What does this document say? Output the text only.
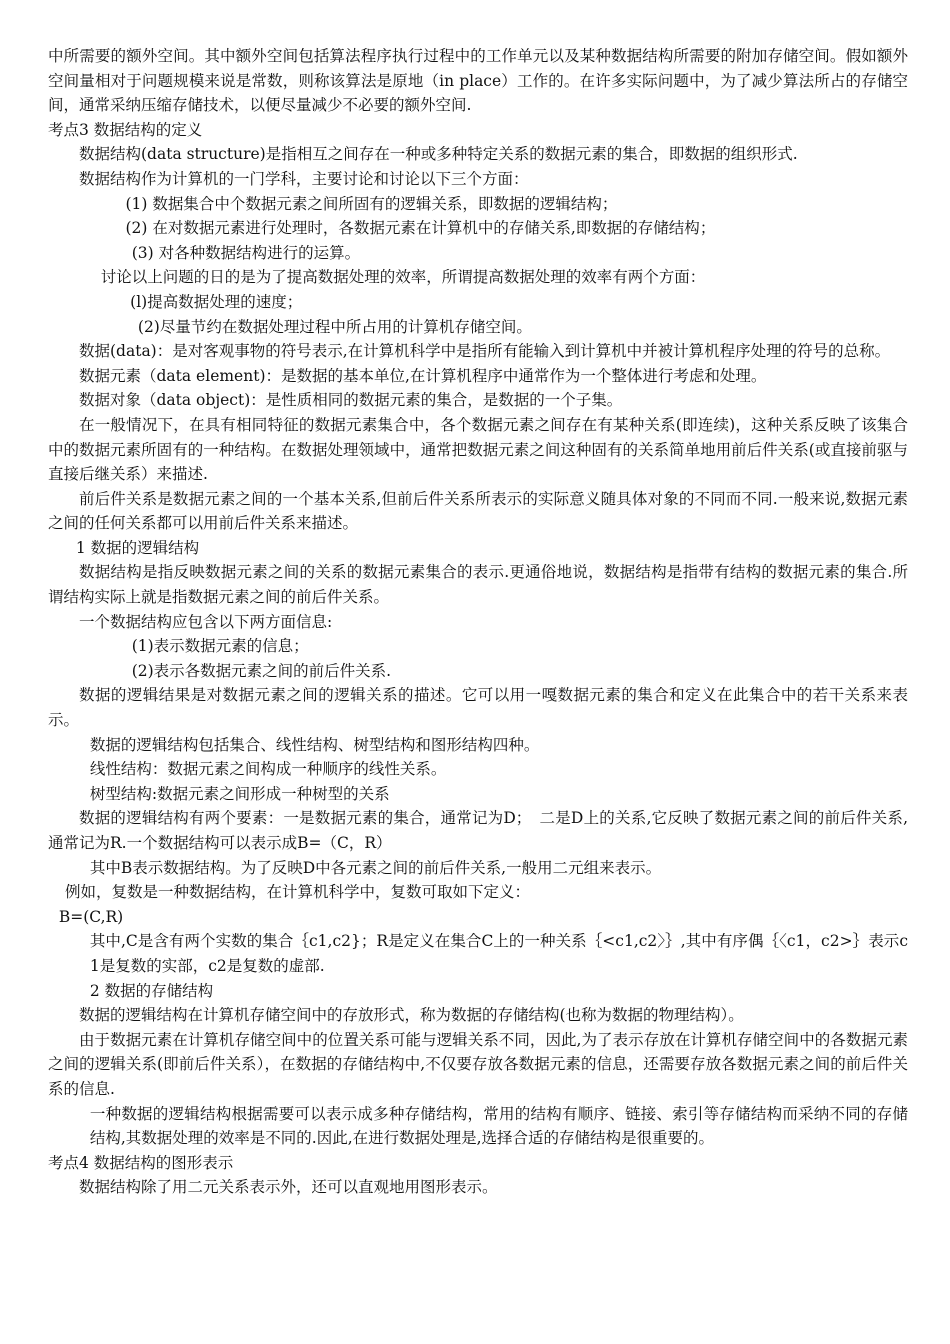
中所需要的额外空间。其中额外空间包括算法程序执行过程中的工作单元以及某种数据结构所需要的附加存储空间。假如额外空间量相对于问题规模来说是常数，则称该算法是原地（in place）工作的。在许多实际问题中，为了减少算法所占的存储空间，通常采纳压缩存储技术，以便尽量减少不必要的额外空间.

考点3 数据结构的定义

数据结构(data structure)是指相互之间存在一种或多种特定关系的数据元素的集合，即数据的组织形式.

数据结构作为计算机的一门学科，主要讨论和讨论以下三个方面：

(1) 数据集合中个数据元素之间所固有的逻辑关系，即数据的逻辑结构；

(2) 在对数据元素进行处理时，各数据元素在计算机中的存储关系,即数据的存储结构；

(3) 对各种数据结构进行的运算。

讨论以上问题的日的是为了提高数据处理的效率，所谓提高数据处理的效率有两个方面：

(l)提高数据处理的速度；

(2)尽量节约在数据处理过程中所占用的计算机存储空间。

数据(data)：是对客观事物的符号表示,在计算机科学中是指所有能输入到计算机中并被计算机程序处理的符号的总称。

数据元素（data element)：是数据的基本单位,在计算机程序中通常作为一个整体进行考虑和处理。

数据对象（data object)：是性质相同的数据元素的集合，是数据的一个子集。

在一般情况下，在具有相同特征的数据元素集合中，各个数据元素之间存在有某种关系(即连续)，这种关系反映了该集合中的数据元素所固有的一种结构。在数据处理领域中，通常把数据元素之间这种固有的关系简单地用前后件关系(或直接前驱与直接后继关系）来描述.

前后件关系是数据元素之间的一个基本关系,但前后件关系所表示的实际意义随具体对象的不同而不同.一般来说,数据元素之间的任何关系都可以用前后件关系来描述。

1 数据的逻辑结构

数据结构是指反映数据元素之间的关系的数据元素集合的表示.更通俗地说，数据结构是指带有结构的数据元素的集合.所谓结构实际上就是指数据元素之间的前后件关系。

一个数据结构应包含以下两方面信息:

(1)表示数据元素的信息；

(2)表示各数据元素之间的前后件关系.

数据的逻辑结果是对数据元素之间的逻辑关系的描述。它可以用一嘎数据元素的集合和定义在此集合中的若干关系来表示。

数据的逻辑结构包括集合、线性结构、树型结构和图形结构四种。

线性结构：数据元素之间构成一种顺序的线性关系。

树型结构:数据元素之间形成一种树型的关系

数据的逻辑结构有两个要素：一是数据元素的集合，通常记为D；　二是D上的关系,它反映了数据元素之间的前后件关系,通常记为R.一个数据结构可以表示成B=（C，R）

其中B表示数据结构。为了反映D中各元素之间的前后件关系,一般用二元组来表示。

例如，复数是一种数据结构，在计算机科学中，复数可取如下定义：

B=(C,R)

其中,C是含有两个实数的集合｛c1,c2}；R是定义在集合C上的一种关系｛<c1,c2〉｝,其中有序偶｛〈c1，c2>｝表示c1是复数的实部，c2是复数的虚部.

2 数据的存储结构

数据的逻辑结构在计算机存储空间中的存放形式，称为数据的存储结构(也称为数据的物理结构）。

由于数据元素在计算机存储空间中的位置关系可能与逻辑关系不同，因此,为了表示存放在计算机存储空间中的各数据元素之间的逻辑关系(即前后件关系），在数据的存储结构中,不仅要存放各数据元素的信息，还需要存放各数据元素之间的前后件关系的信息.

一种数据的逻辑结构根据需要可以表示成多种存储结构，常用的结构有顺序、链接、索引等存储结构而采纳不同的存储结构,其数据处理的效率是不同的.因此,在进行数据处理是,选择合适的存储结构是很重要的。

考点4 数据结构的图形表示

数据结构除了用二元关系表示外，还可以直观地用图形表示。
